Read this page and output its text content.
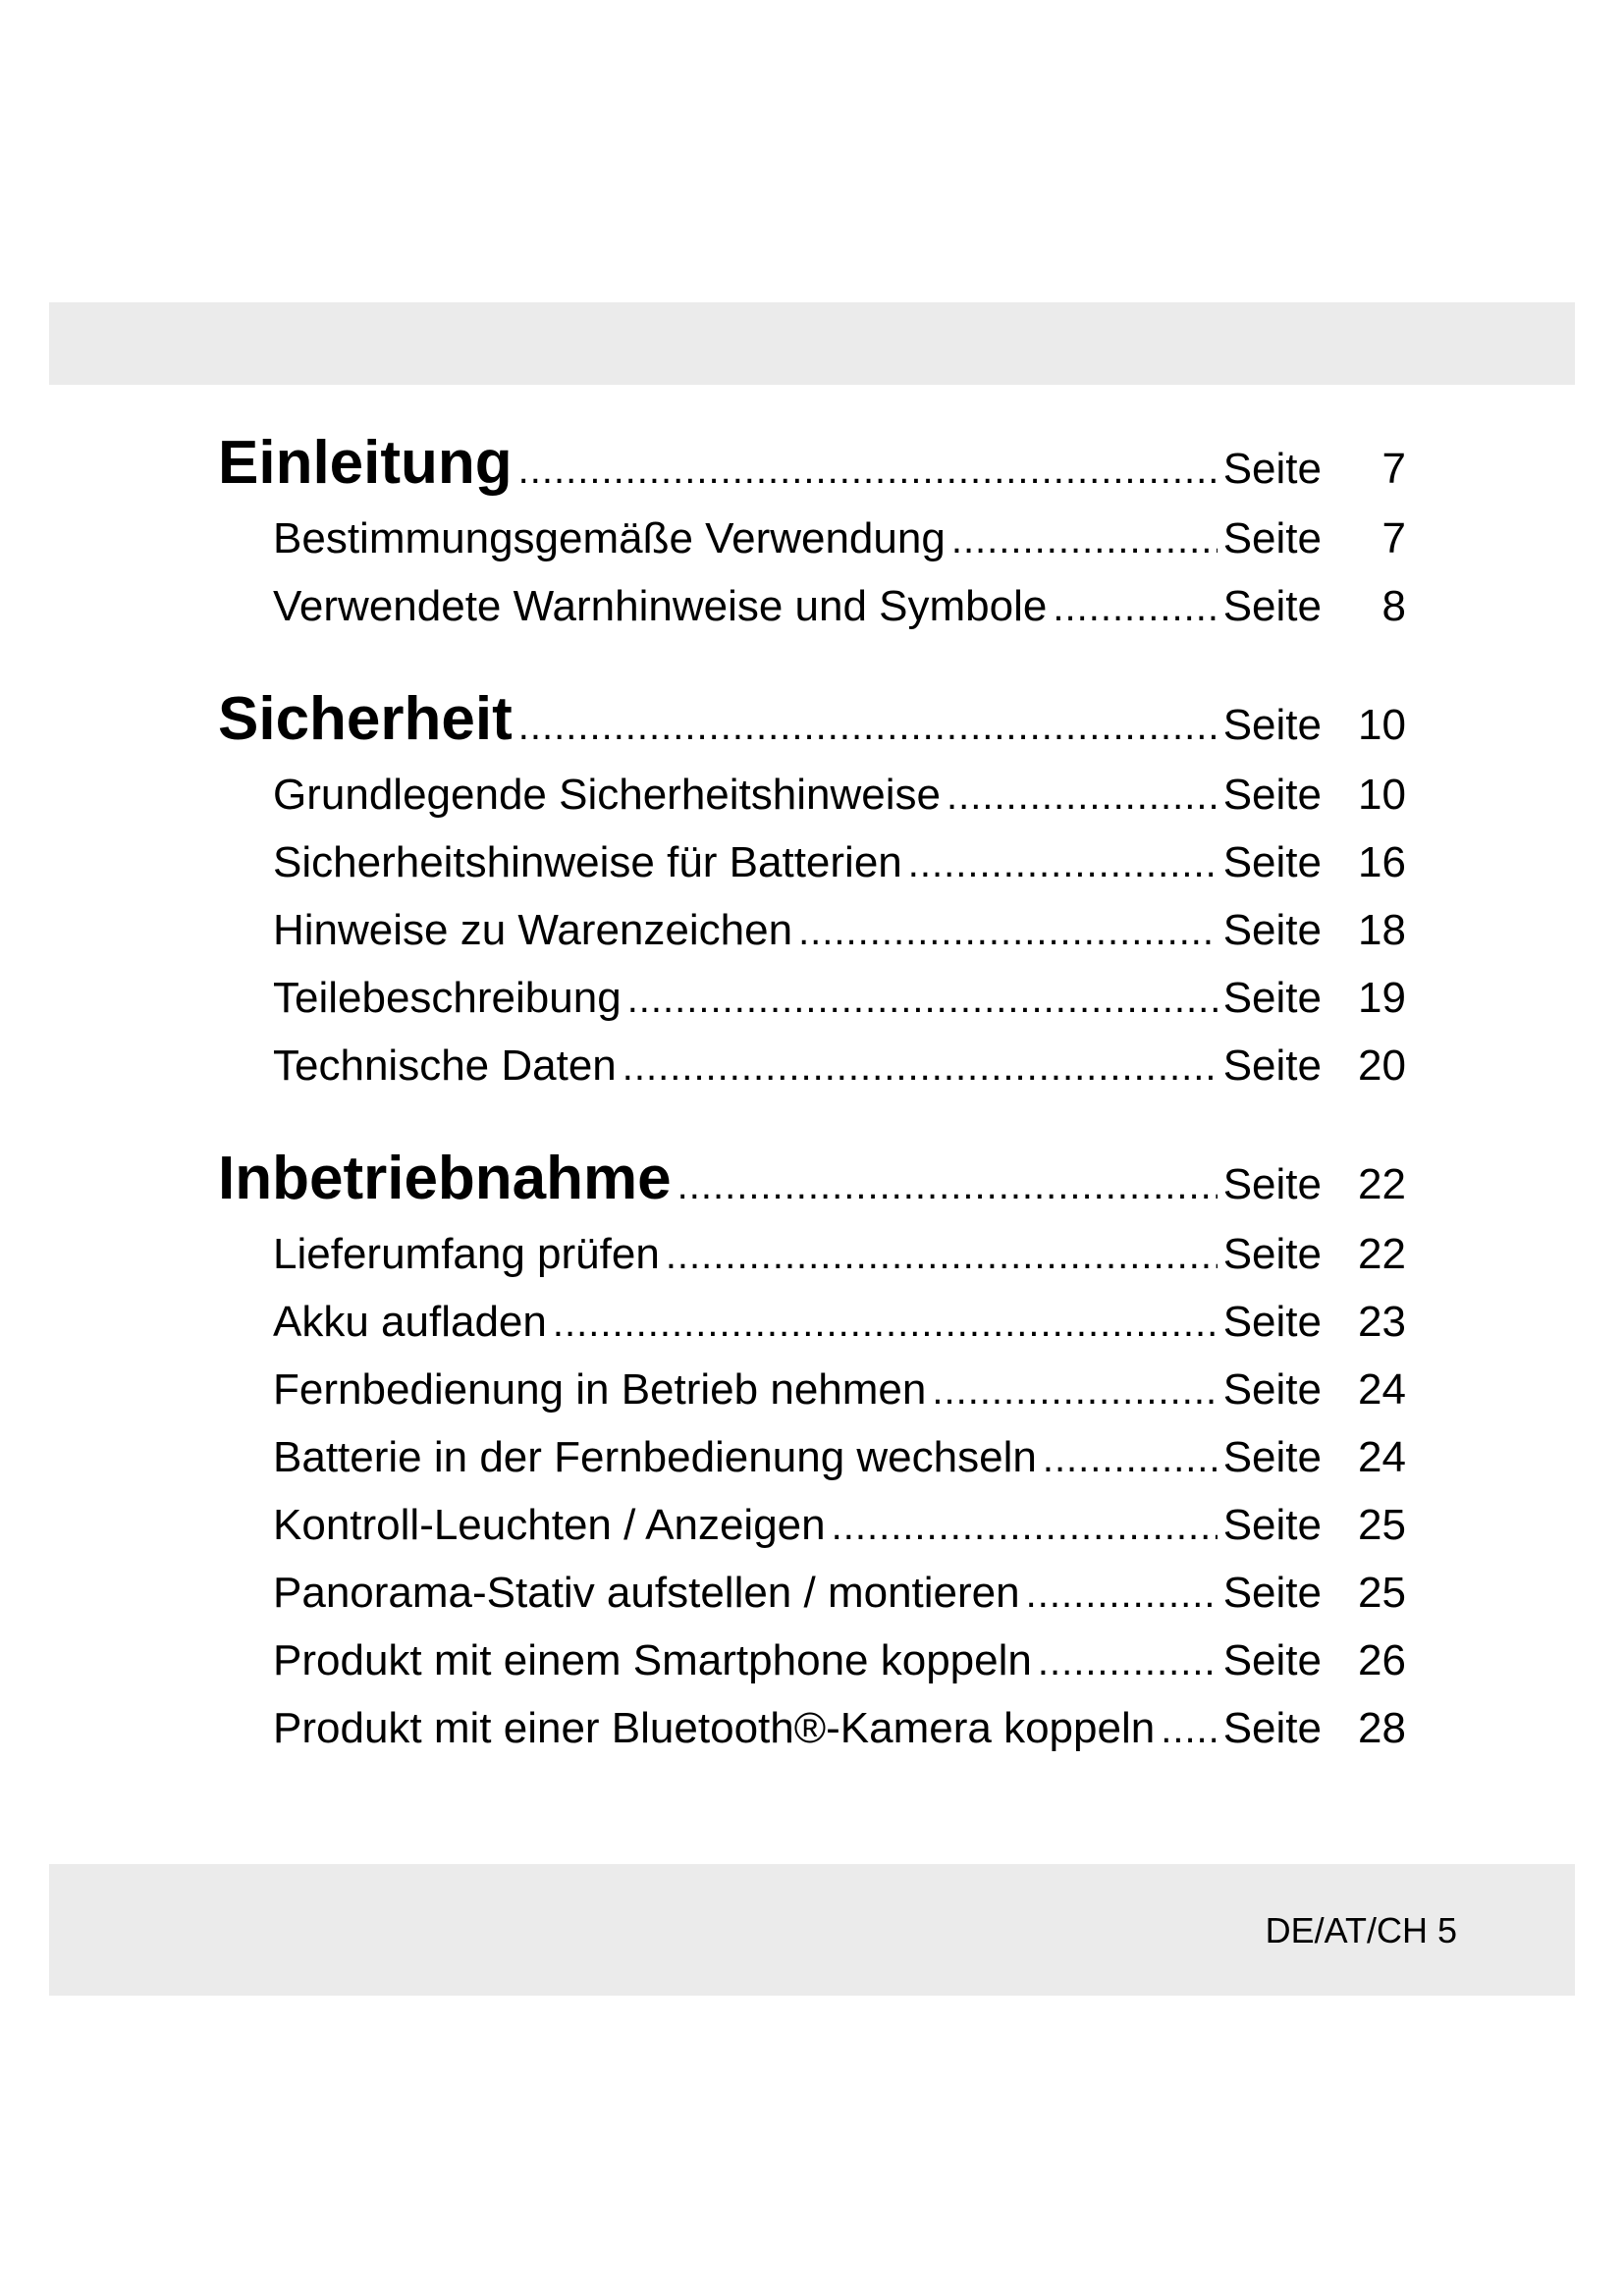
Einleitung .....	Seite	7
Bestimmungsgemäße Verwendung .....	Seite	7
Verwendete Warnhinweise und Symbole .....	Seite	8
Sicherheit .....	Seite 10
Grundlegende Sicherheitshinweise .....	Seite 10
Sicherheitshinweise für Batterien .....	Seite 16
Hinweise zu Warenzeichen .....	Seite 18
Teilebeschreibung .....	Seite 19
Technische Daten .....	Seite 20
Inbetriebnahme .....	Seite 22
Lieferumfang prüfen .....	Seite 22
Akku aufladen .....	Seite 23
Fernbedienung in Betrieb nehmen .....	Seite 24
Batterie in der Fernbedienung wechseln .....	Seite 24
Kontroll-Leuchten / Anzeigen .....	Seite 25
Panorama-Stativ aufstellen / montieren .....	Seite 25
Produkt mit einem Smartphone koppeln .....	Seite 26
Produkt mit einer Bluetooth®-Kamera koppeln ..... Seite 28
DE/AT/CH 5
